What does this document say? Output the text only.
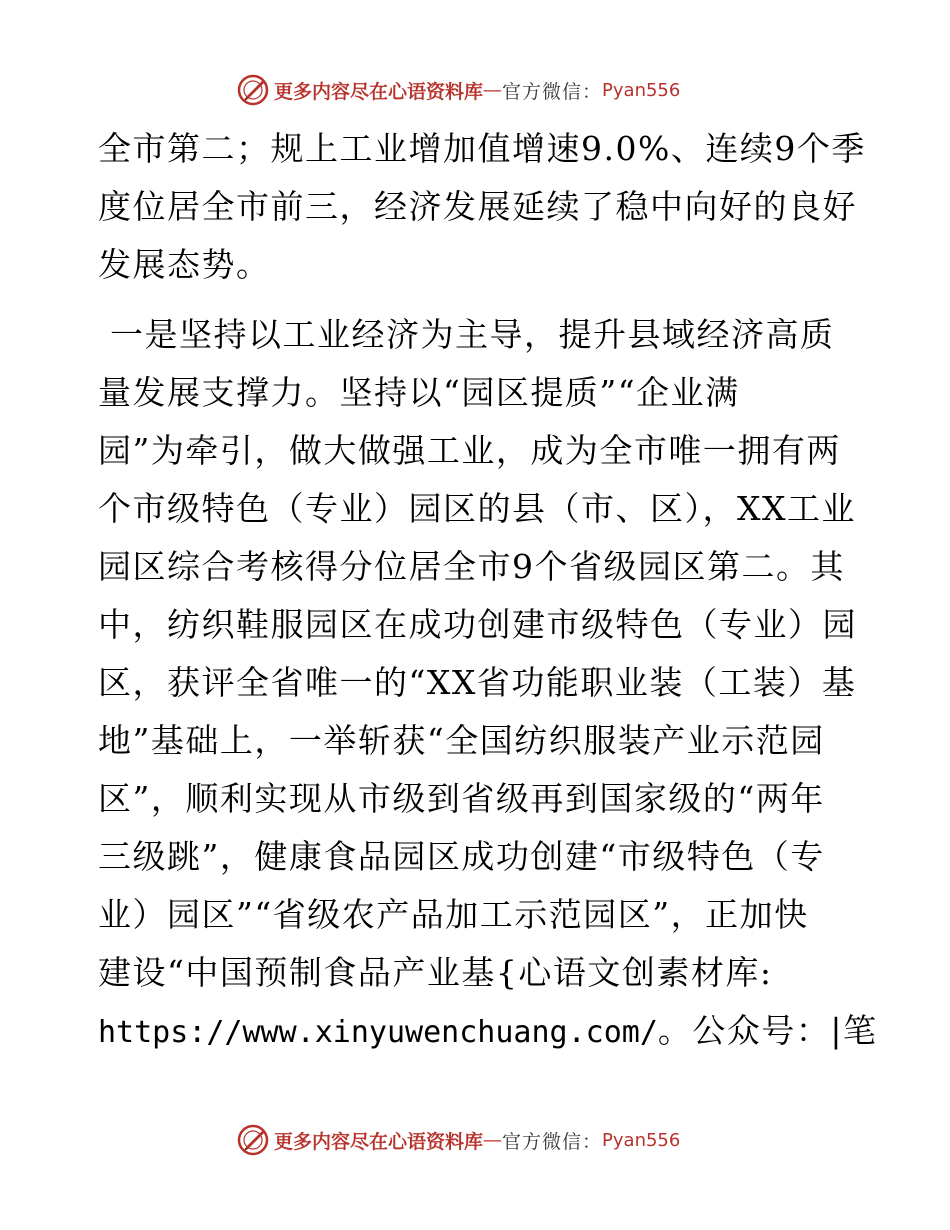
更多内容尽在心语资料库 — 官方微信： Pyan556
全市第二；规上工业增加值增速9.0%、连续9个季
度位居全市前三，经济发展延续了稳中向好的良好
发展态势。
一是坚持以工业经济为主导，提升县域经济高质
量发展支撑力。坚持以“园区提质”“企业满
园”为牵引，做大做强工业，成为全市唯一拥有两
个市级特色（专业）园区的县（市、区），XX工业
园区综合考核得分位居全市9个省级园区第二。其
中，纺织鞋服园区在成功创建市级特色（专业）园
区，获评全省唯一的“XX省功能职业装（工装）基
地”基础上，一举斩获“全国纺织服装产业示范园
区”，顺利实现从市级到省级再到国家级的“两年
三级跳”，健康食品园区成功创建“市级特色（专
业）园区”“省级农产品加工示范园区”，正加快
建设“中国预制食品产业基{心语文创素材库:
https://www.xinyuwenchuang.com/。公众号：|笔
更多内容尽在心语资料库 — 官方微信： Pyan556
